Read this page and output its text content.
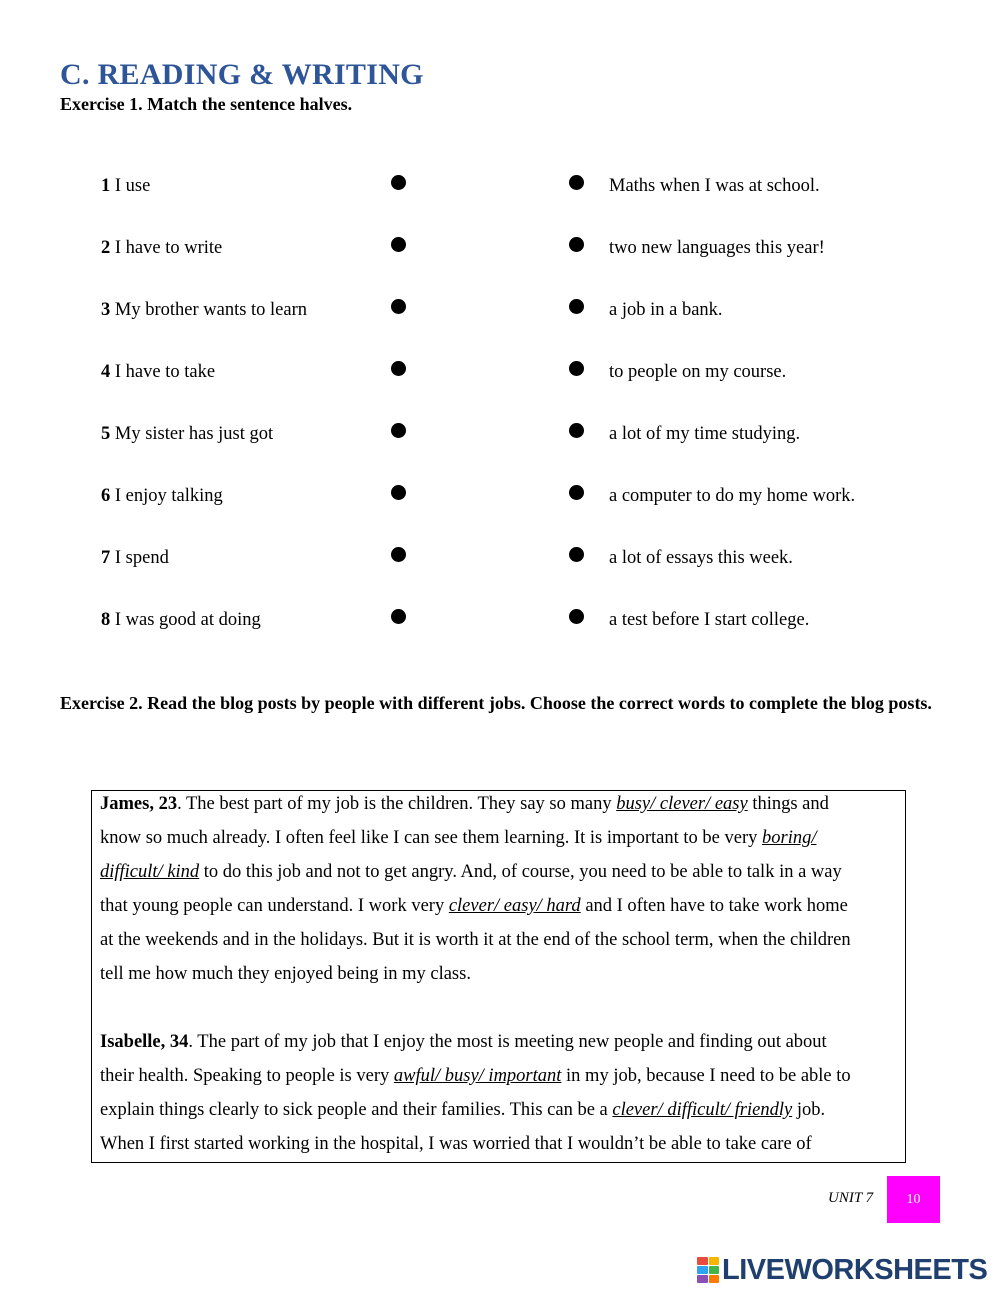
C. READING & WRITING
Exercise 1. Match the sentence halves.
1 I use	Maths when I was at school.
2 I have to write	two new languages this year!
3 My brother wants to learn	a job in a bank.
4 I have to take	to people on my course.
5 My sister has just got	a lot of my time studying.
6 I enjoy talking	a computer to do my home work.
7 I spend	a lot of essays this week.
8 I was good at doing	a test before I start college.
Exercise 2. Read the blog posts by people with different jobs. Choose the correct words to complete the blog posts.
James, 23. The best part of my job is the children. They say so many busy/ clever/ easy things and
know so much already. I often feel like I can see them learning. It is important to be very boring/
difficult/ kind to do this job and not to get angry. And, of course, you need to be able to talk in a way
that young people can understand. I work very clever/ easy/ hard and I often have to take work home
at the weekends and in the holidays. But it is worth it at the end of the school term, when the children
tell me how much they enjoyed being in my class.
Isabelle, 34. The part of my job that I enjoy the most is meeting new people and finding out about
their health. Speaking to people is very awful/ busy/ important in my job, because I need to be able to
explain things clearly to sick people and their families. This can be a clever/ difficult/ friendly job.
When I first started working in the hospital, I was worried that I wouldn’t be able to take care of
UNIT 7	10
LIVEWORKSHEETS
